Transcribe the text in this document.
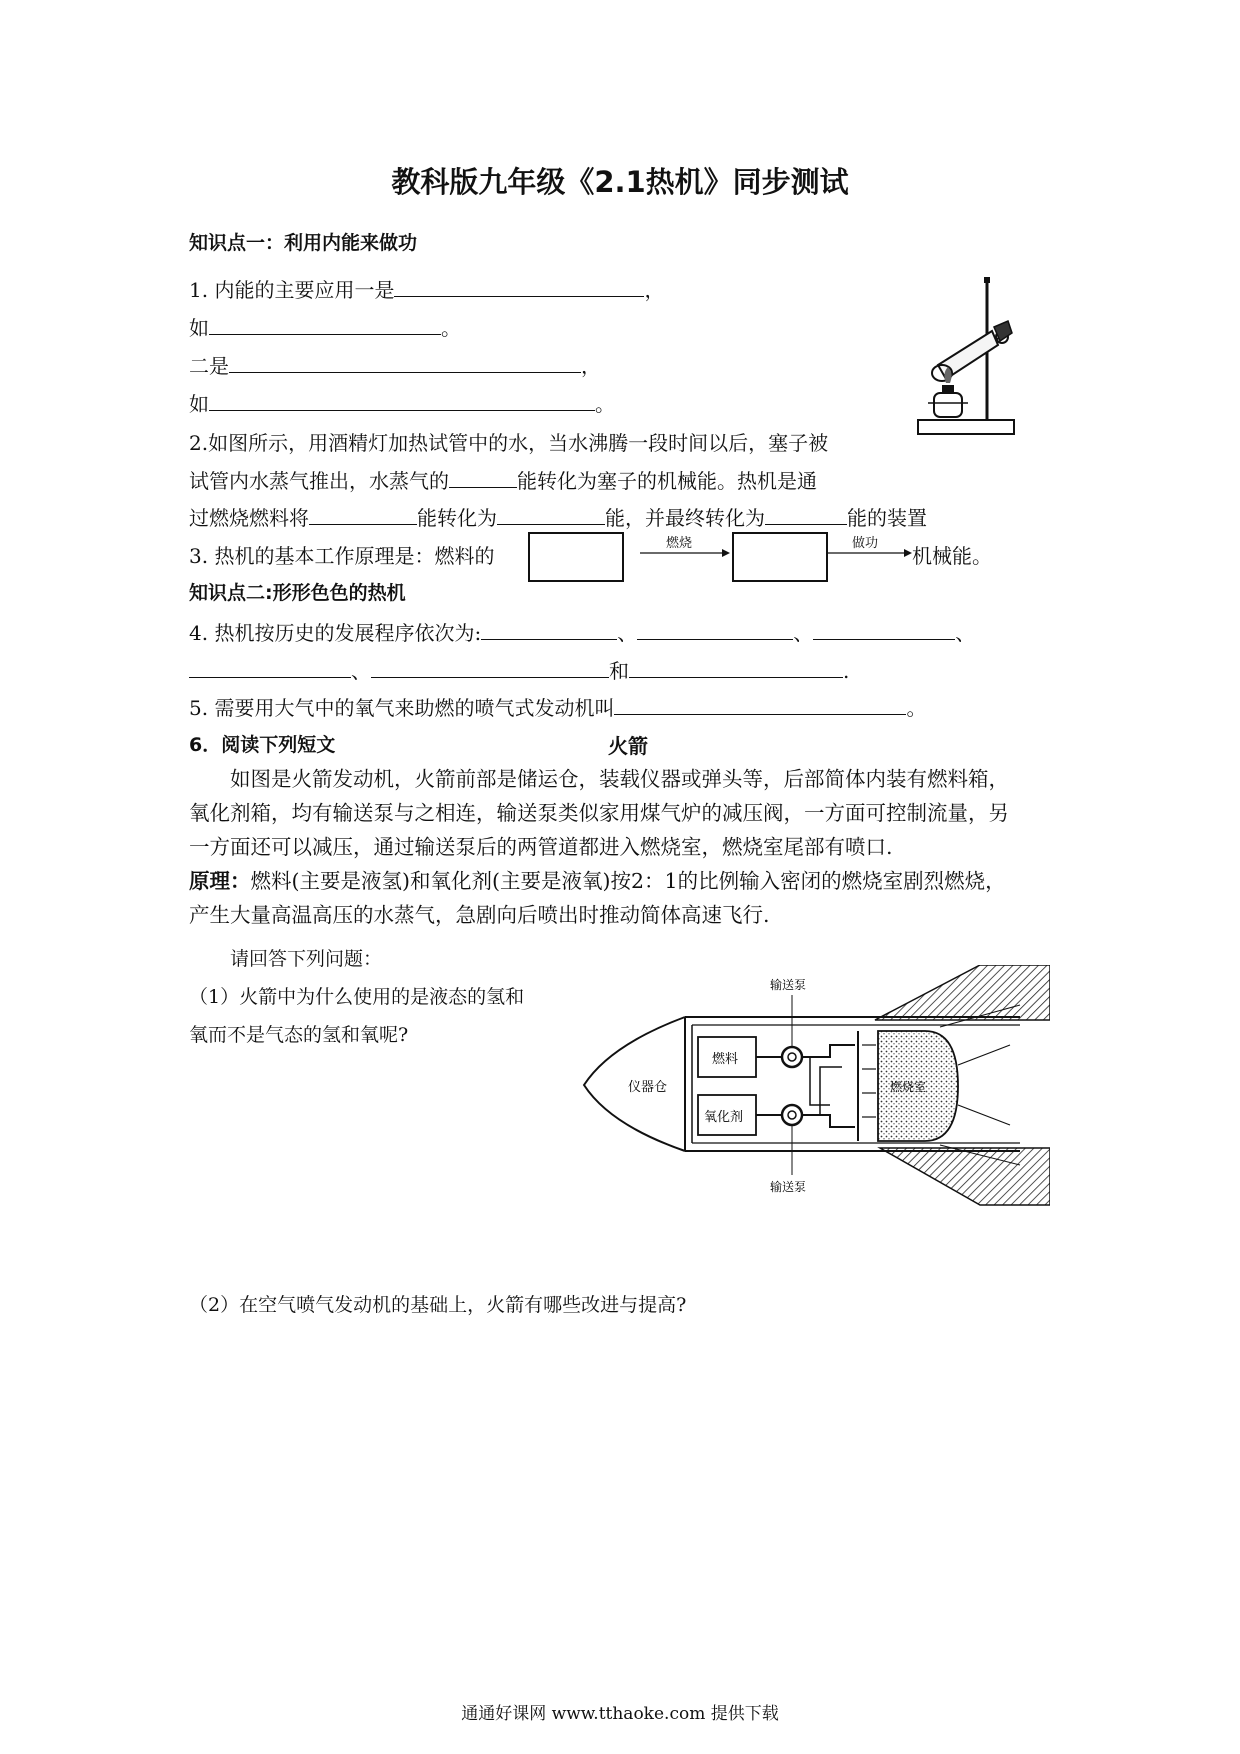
教科版九年级《2.1热机》同步测试
知识点一：利用内能来做功
1. 内能的主要应用一是	，
如	。
二是	，
如	。
2.如图所示，用酒精灯加热试管中的水，当水沸腾一段时间以后，塞子被
试管内水蒸气推出，水蒸气的	能转化为塞子的机械能。热机是通
过燃烧燃料将	能转化为	能，并最终转化为	能的装置
3. 热机的基本工作原理是：燃料的
燃烧	做功
机械能。
知识点二:形形色色的热机
4. 热机按历史的发展程序依次为:	、	、	、
、	和	.
5. 需要用大气中的氧气来助燃的喷气式发动机叫	。
6．阅读下列短文	火箭
如图是火箭发动机，火箭前部是储运仓，装载仪器或弹头等，后部简体内装有燃料箱，
氧化剂箱，均有输送泵与之相连，输送泵类似家用煤气炉的减压阀，一方面可控制流量，另
一方面还可以减压，通过输送泵后的两管道都进入燃烧室，燃烧室尾部有喷口.
原理：燃料(主要是液氢)和氧化剂(主要是液氧)按2：1的比例输入密闭的燃烧室剧烈燃烧，
产生大量高温高压的水蒸气，急剧向后喷出时推动简体高速飞行.
请回答下列问题：
（1）火箭中为什么使用的是液态的氢和
氧而不是气态的氢和氧呢?
输送泵
燃料
仪器仓	燃烧室
氧化剂
输送泵
（2）在空气喷气发动机的基础上，火箭有哪些改进与提高?
通通好课网 www.tthaoke.com 提供下载
